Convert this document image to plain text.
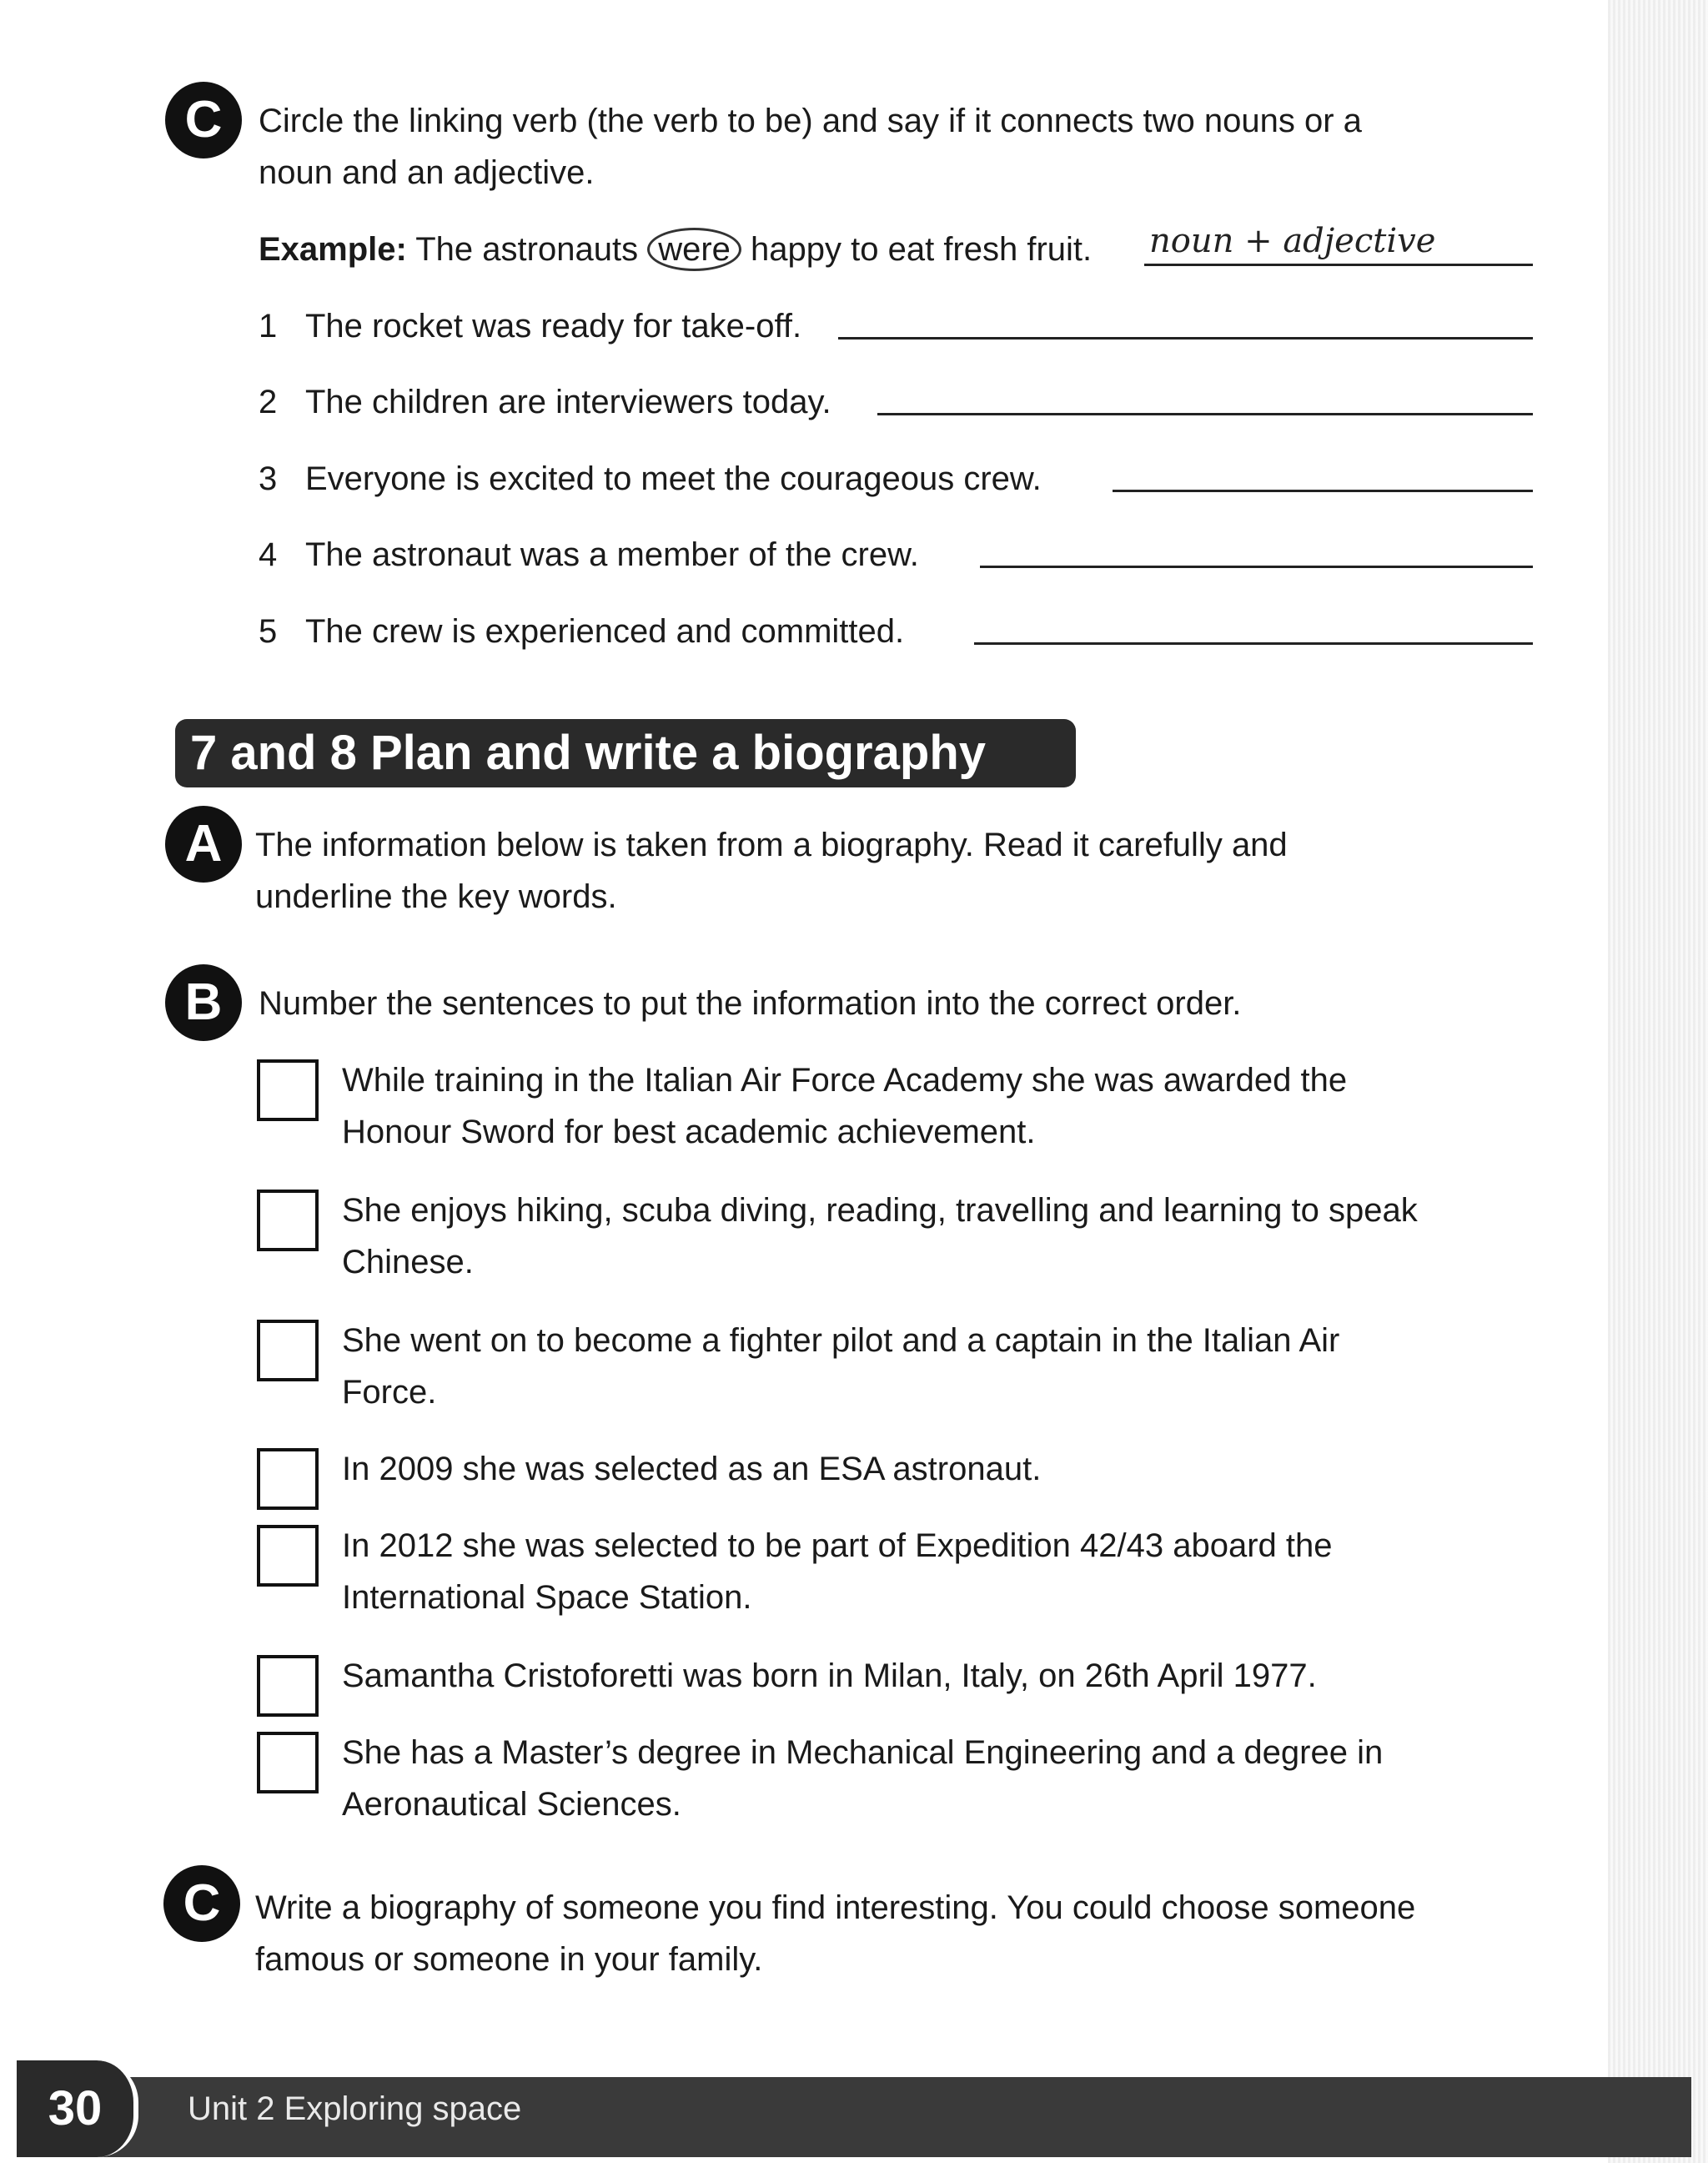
C	Circle the linking verb (the verb to be) and say if it connects two nouns or a
noun and an adjective.
Example: The astronauts were happy to eat fresh fruit. noun + adjective
1 The rocket was ready for take-off.
2 The children are interviewers today.
3 Everyone is excited to meet the courageous crew.
4 The astronaut was a member of the crew.
5 The crew is experienced and committed.
7 and 8 Plan and write a biography
A The information below is taken from a biography. Read it carefully and
underline the key words.
B	Number the sentences to put the information into the correct order.
While training in the Italian Air Force Academy she was awarded the
Honour Sword for best academic achievement.
She enjoys hiking, scuba diving, reading, travelling and learning to speak
Chinese.
She went on to become a fighter pilot and a captain in the Italian Air
Force.
In 2009 she was selected as an ESA astronaut.
In 2012 she was selected to be part of Expedition 42/43 aboard the
International Space Station.
Samantha Cristoforetti was born in Milan, Italy, on 26th April 1977.
She has a Master’s degree in Mechanical Engineering and a degree in
Aeronautical Sciences.
C	Write a biography of someone you find interesting. You could choose someone
famous or someone in your family.
30	Unit 2 Exploring space
